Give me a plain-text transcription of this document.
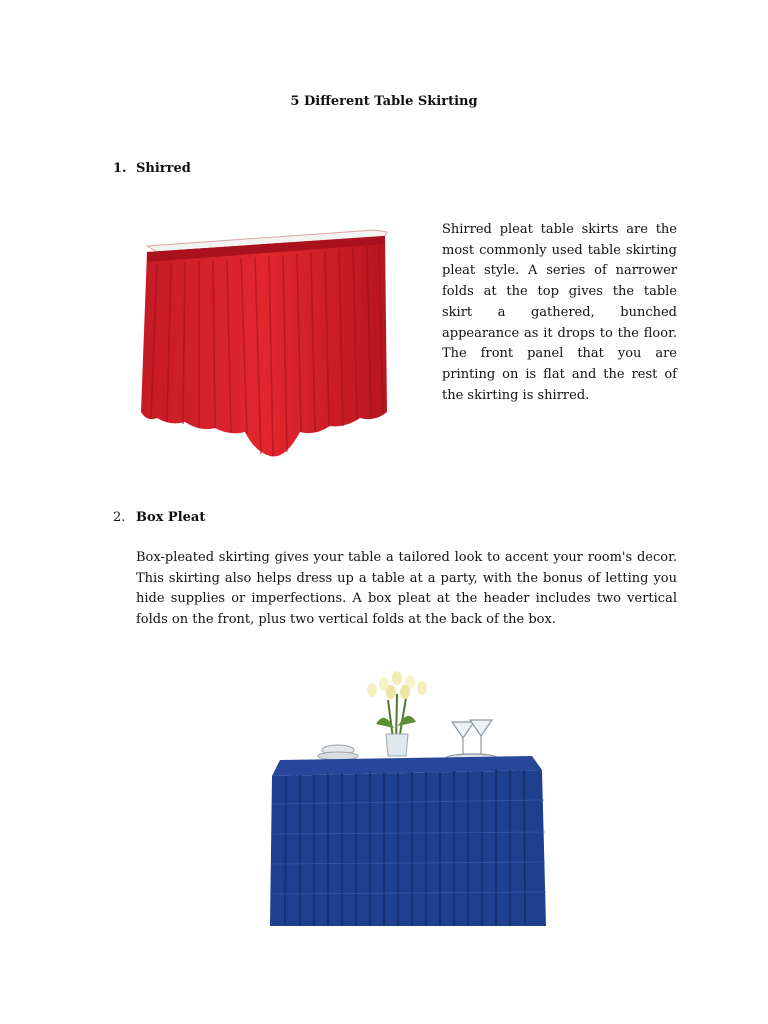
5 Different Table Skirting
1. Shirred

Shirred pleat table skirts are the most commonly used table skirting pleat style. A series of narrower folds at the top gives the table skirt a gathered, bunched appearance as it drops to the floor. The front panel that you are printing on is flat and the rest of the skirting is shirred.

2. Box Pleat

Box-pleated skirting gives your table a tailored look to accent your room's decor. This skirting also helps dress up a table at a party, with the bonus of letting you hide supplies or imperfections. A box pleat at the header includes two vertical folds on the front, plus two vertical folds at the back of the box.
